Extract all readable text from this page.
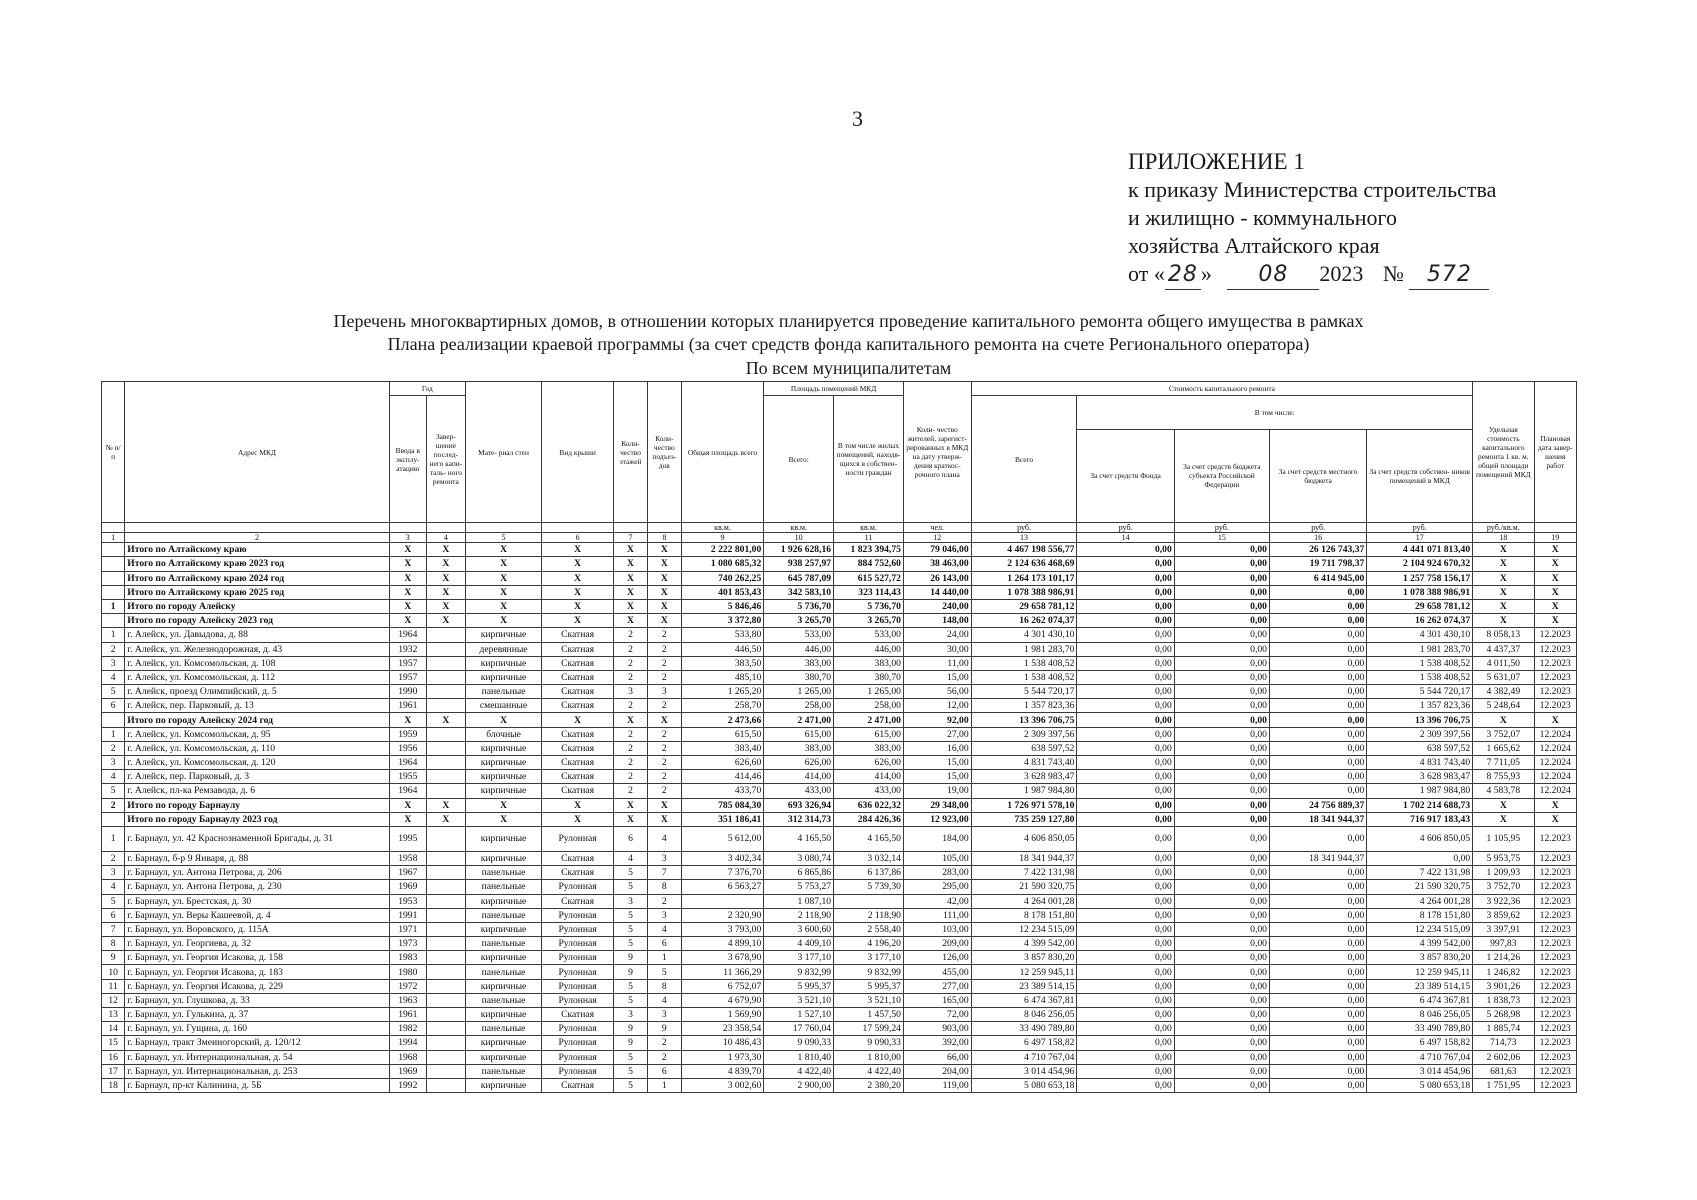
3
ПРИЛОЖЕНИЕ 1
к приказу Министерства строительства
и жилищно - коммунального
хозяйства Алтайского края
от « 28 » 08 2023 № 572
Перечень многоквартирных домов, в отношении которых планируется проведение капитального ремонта общего имущества в рамках
Плана реализации краевой программы (за счет средств фонда капитального ремонта на счете Регионального оператора)
По всем муниципалитетам
№ п/ п	Адрес МКД	Год		Мате- риал стен	Вид крыши	Коли- чество этажей	Коли- чество подъез- дов	Общая площадь всего	Площадь помещений МКД		Коли- чество жителей, зарегист- рированных в МКД на дату утверж- дения краткос- рочного плана	Стоимость капитального ремонта					Удельная стоимость капитального ремонта 1 кв. м. общей площади помещений МКД	Плановая дата завер- шения работ
		Ввода в эксплу- атацию	Завер- шение послед- него капи- таль- ного ремонта						Всего:	В том числе жилых помещений, находя- щихся в собствен- ности граждан		Всего	В том числе:					
													За счет средств Фонда	За счет средств бюджета субъекта Российской Федерации	За счет средств местного бюджета	За счет средств собствен- ников помещений в МКД		
								кв.м.	кв.м.	кв.м.	чел.	руб.	руб.	руб.	руб.	руб.	руб./кв.м.	
1	2	3	4	5	6	7	8	9	10	11	12	13	14	15	16	17	18	19
	Итого по Алтайскому краю	X	X	X	X	X	X	2 222 801,00	1 926 628,16	1 823 394,75	79 046,00	4 467 198 556,77	0,00	0,00	26 126 743,37	4 441 071 813,40	X	X
	Итого по Алтайскому краю 2023 год	X	X	X	X	X	X	1 080 685,32	938 257,97	884 752,60	38 463,00	2 124 636 468,69	0,00	0,00	19 711 798,37	2 104 924 670,32	X	X
	Итого по Алтайскому краю 2024 год	X	X	X	X	X	X	740 262,25	645 787,09	615 527,72	26 143,00	1 264 173 101,17	0,00	0,00	6 414 945,00	1 257 758 156,17	X	X
	Итого по Алтайскому краю 2025 год	X	X	X	X	X	X	401 853,43	342 583,10	323 114,43	14 440,00	1 078 388 986,91	0,00	0,00	0,00	1 078 388 986,91	X	X
1	Итого по городу Алейску	X	X	X	X	X	X	5 846,46	5 736,70	5 736,70	240,00	29 658 781,12	0,00	0,00	0,00	29 658 781,12	X	X
	Итого по городу Алейску 2023 год	X	X	X	X	X	X	3 372,80	3 265,70	3 265,70	148,00	16 262 074,37	0,00	0,00	0,00	16 262 074,37	X	X
1	г. Алейск, ул. Давыдова, д. 88	1964		кирпичные	Скатная	2	2	533,80	533,00	533,00	24,00	4 301 430,10	0,00	0,00	0,00	4 301 430,10	8 058,13	12.2023
2	г. Алейск, ул. Железнодорожная, д. 43	1932		деревянные	Скатная	2	2	446,50	446,00	446,00	30,00	1 981 283,70	0,00	0,00	0,00	1 981 283,70	4 437,37	12.2023
3	г. Алейск, ул. Комсомольская, д. 108	1957		кирпичные	Скатная	2	2	383,50	383,00	383,00	11,00	1 538 408,52	0,00	0,00	0,00	1 538 408,52	4 011,50	12.2023
4	г. Алейск, ул. Комсомольская, д. 112	1957		кирпичные	Скатная	2	2	485,10	380,70	380,70	15,00	1 538 408,52	0,00	0,00	0,00	1 538 408,52	5 631,07	12.2023
5	г. Алейск, проезд Олимпийский, д. 5	1990		панельные	Скатная	3	3	1 265,20	1 265,00	1 265,00	56,00	5 544 720,17	0,00	0,00	0,00	5 544 720,17	4 382,49	12.2023
6	г. Алейск, пер. Парковый, д. 13	1961		смешанные	Скатная	2	2	258,70	258,00	258,00	12,00	1 357 823,36	0,00	0,00	0,00	1 357 823,36	5 248,64	12.2023
	Итого по городу Алейску 2024 год	X	X	X	X	X	X	2 473,66	2 471,00	2 471,00	92,00	13 396 706,75	0,00	0,00	0,00	13 396 706,75	X	X
1	г. Алейск, ул. Комсомольская, д. 95	1959		блочные	Скатная	2	2	615,50	615,00	615,00	27,00	2 309 397,56	0,00	0,00	0,00	2 309 397,56	3 752,07	12.2024
2	г. Алейск, ул. Комсомольская, д. 110	1956		кирпичные	Скатная	2	2	383,40	383,00	383,00	16,00	638 597,52	0,00	0,00	0,00	638 597,52	1 665,62	12.2024
3	г. Алейск, ул. Комсомольская, д. 120	1964		кирпичные	Скатная	2	2	626,60	626,00	626,00	15,00	4 831 743,40	0,00	0,00	0,00	4 831 743,40	7 711,05	12.2024
4	г. Алейск, пер. Парковый, д. 3	1955		кирпичные	Скатная	2	2	414,46	414,00	414,00	15,00	3 628 983,47	0,00	0,00	0,00	3 628 983,47	8 755,93	12.2024
5	г. Алейск, пл-ка Ремзавода, д. 6	1964		кирпичные	Скатная	2	2	433,70	433,00	433,00	19,00	1 987 984,80	0,00	0,00	0,00	1 987 984,80	4 583,78	12.2024
2	Итого по городу Барнаулу	X	X	X	X	X	X	785 084,30	693 326,94	636 022,32	29 348,00	1 726 971 578,10	0,00	0,00	24 756 889,37	1 702 214 688,73	X	X
	Итого по городу Барнаулу 2023 год	X	X	X	X	X	X	351 186,41	312 314,73	284 426,36	12 923,00	735 259 127,80	0,00	0,00	18 341 944,37	716 917 183,43	X	X
1	г. Барнаул, ул. 42 Краснознаменной Бригады, д. 31	1995		кирпичные	Рулонная	6	4	5 612,00	4 165,50	4 165,50	184,00	4 606 850,05	0,00	0,00	0,00	4 606 850,05	1 105,95	12.2023
2	г. Барнаул, б-р 9 Января, д. 88	1958		кирпичные	Скатная	4	3	3 402,34	3 080,74	3 032,14	105,00	18 341 944,37	0,00	0,00	18 341 944,37	0,00	5 953,75	12.2023
3	г. Барнаул, ул. Антона Петрова, д. 206	1967		панельные	Скатная	5	7	7 376,70	6 865,86	6 137,86	283,00	7 422 131,98	0,00	0,00	0,00	7 422 131,98	1 209,93	12.2023
4	г. Барнаул, ул. Антона Петрова, д. 230	1969		панельные	Рулонная	5	8	6 563,27	5 753,27	5 739,30	295,00	21 590 320,75	0,00	0,00	0,00	21 590 320,75	3 752,70	12.2023
5	г. Барнаул, ул. Брестская, д. 30	1953		кирпичные	Скатная	3	2		1 087,10		42,00	4 264 001,28	0,00	0,00	0,00	4 264 001,28	3 922,36	12.2023
6	г. Барнаул, ул. Веры Кашеевой, д. 4	1991		панельные	Рулонная	5	3	2 320,90	2 118,90	2 118,90	111,00	8 178 151,80	0,00	0,00	0,00	8 178 151,80	3 859,62	12.2023
7	г. Барнаул, ул. Воровского, д. 115А	1971		кирпичные	Рулонная	5	4	3 793,00	3 600,60	2 558,40	103,00	12 234 515,09	0,00	0,00	0,00	12 234 515,09	3 397,91	12.2023
8	г. Барнаул, ул. Георгиева, д. 32	1973		панельные	Рулонная	5	6	4 899,10	4 409,10	4 196,20	209,00	4 399 542,00	0,00	0,00	0,00	4 399 542,00	997,83	12.2023
9	г. Барнаул, ул. Георгия Исакова, д. 158	1983		кирпичные	Рулонная	9	1	3 678,90	3 177,10	3 177,10	126,00	3 857 830,20	0,00	0,00	0,00	3 857 830,20	1 214,26	12.2023
10	г. Барнаул, ул. Георгия Исакова, д. 183	1980		панельные	Рулонная	9	5	11 366,29	9 832,99	9 832,99	455,00	12 259 945,11	0,00	0,00	0,00	12 259 945,11	1 246,82	12.2023
11	г. Барнаул, ул. Георгия Исакова, д. 229	1972		кирпичные	Рулонная	5	8	6 752,07	5 995,37	5 995,37	277,00	23 389 514,15	0,00	0,00	0,00	23 389 514,15	3 901,26	12.2023
12	г. Барнаул, ул. Глушкова, д. 33	1963		панельные	Рулонная	5	4	4 679,90	3 521,10	3 521,10	165,00	6 474 367,81	0,00	0,00	0,00	6 474 367,81	1 838,73	12.2023
13	г. Барнаул, ул. Гулькина, д. 37	1961		кирпичные	Скатная	3	3	1 569,90	1 527,10	1 457,50	72,00	8 046 256,05	0,00	0,00	0,00	8 046 256,05	5 268,98	12.2023
14	г. Барнаул, ул. Гущина, д. 160	1982		панельные	Рулонная	9	9	23 358,54	17 760,04	17 599,24	903,00	33 490 789,80	0,00	0,00	0,00	33 490 789,80	1 885,74	12.2023
15	г. Барнаул, тракт Змеиногорский, д. 120/12	1994		кирпичные	Рулонная	9	2	10 486,43	9 090,33	9 090,33	392,00	6 497 158,82	0,00	0,00	0,00	6 497 158,82	714,73	12.2023
16	г. Барнаул, ул. Интернациональная, д. 54	1968		кирпичные	Рулонная	5	2	1 973,30	1 810,40	1 810,00	66,00	4 710 767,04	0,00	0,00	0,00	4 710 767,04	2 602,06	12.2023
17	г. Барнаул, ул. Интернациональная, д. 253	1969		панельные	Рулонная	5	6	4 839,70	4 422,40	4 422,40	204,00	3 014 454,96	0,00	0,00	0,00	3 014 454,96	681,63	12.2023
18	г. Барнаул, пр-кт Калинина, д. 5Б	1992		кирпичные	Скатная	5	1	3 002,60	2 900,00	2 380,20	119,00	5 080 653,18	0,00	0,00	0,00	5 080 653,18	1 751,95	12.2023
